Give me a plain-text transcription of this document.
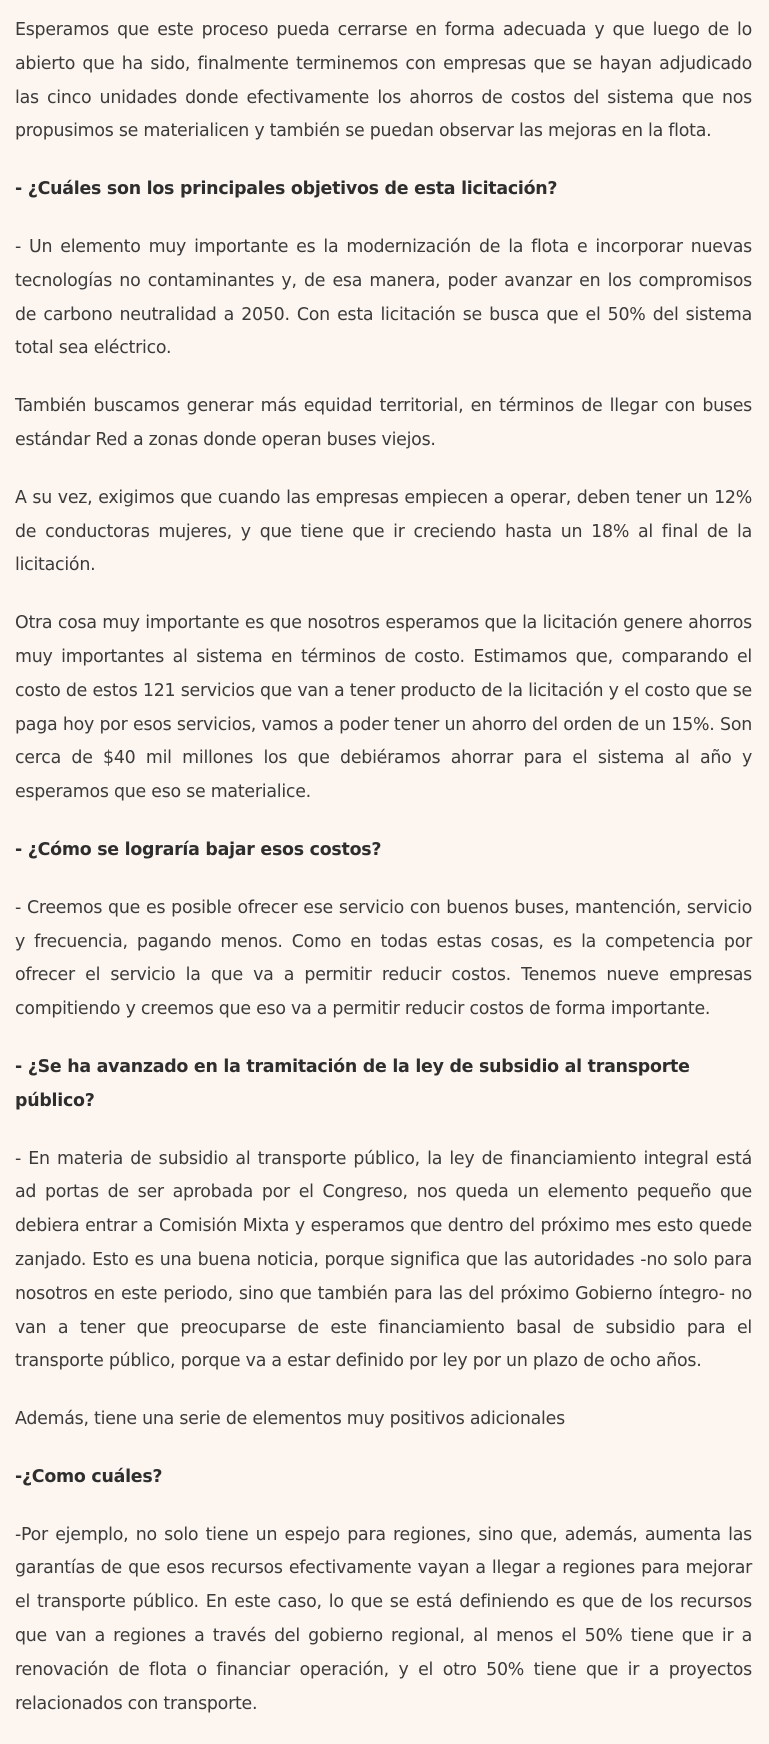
Esperamos que este proceso pueda cerrarse en forma adecuada y que luego de lo abierto que ha sido, finalmente terminemos con empresas que se hayan adjudicado las cinco unidades donde efectivamente los ahorros de costos del sistema que nos propusimos se materialicen y también se puedan observar las mejoras en la flota.

- ¿Cuáles son los principales objetivos de esta licitación?

- Un elemento muy importante es la modernización de la flota e incorporar nuevas tecnologías no contaminantes y, de esa manera, poder avanzar en los compromisos de carbono neutralidad a 2050. Con esta licitación se busca que el 50% del sistema total sea eléctrico.

También buscamos generar más equidad territorial, en términos de llegar con buses estándar Red a zonas donde operan buses viejos.

A su vez, exigimos que cuando las empresas empiecen a operar, deben tener un 12% de conductoras mujeres, y que tiene que ir creciendo hasta un 18% al final de la licitación.

Otra cosa muy importante es que nosotros esperamos que la licitación genere ahorros muy importantes al sistema en términos de costo. Estimamos que, comparando el costo de estos 121 servicios que van a tener producto de la licitación y el costo que se paga hoy por esos servicios, vamos a poder tener un ahorro del orden de un 15%. Son cerca de $40 mil millones los que debiéramos ahorrar para el sistema al año y esperamos que eso se materialice.

- ¿Cómo se lograría bajar esos costos?

- Creemos que es posible ofrecer ese servicio con buenos buses, mantención, servicio y frecuencia, pagando menos. Como en todas estas cosas, es la competencia por ofrecer el servicio la que va a permitir reducir costos. Tenemos nueve empresas compitiendo y creemos que eso va a permitir reducir costos de forma importante.

- ¿Se ha avanzado en la tramitación de la ley de subsidio al transporte público?

- En materia de subsidio al transporte público, la ley de financiamiento integral está ad portas de ser aprobada por el Congreso, nos queda un elemento pequeño que debiera entrar a Comisión Mixta y esperamos que dentro del próximo mes esto quede zanjado. Esto es una buena noticia, porque significa que las autoridades -no solo para nosotros en este periodo, sino que también para las del próximo Gobierno íntegro- no van a tener que preocuparse de este financiamiento basal de subsidio para el transporte público, porque va a estar definido por ley por un plazo de ocho años.

Además, tiene una serie de elementos muy positivos adicionales

-¿Como cuáles?

-Por ejemplo, no solo tiene un espejo para regiones, sino que, además, aumenta las garantías de que esos recursos efectivamente vayan a llegar a regiones para mejorar el transporte público. En este caso, lo que se está definiendo es que de los recursos que van a regiones a través del gobierno regional, al menos el 50% tiene que ir a renovación de flota o financiar operación, y el otro 50% tiene que ir a proyectos relacionados con transporte.
